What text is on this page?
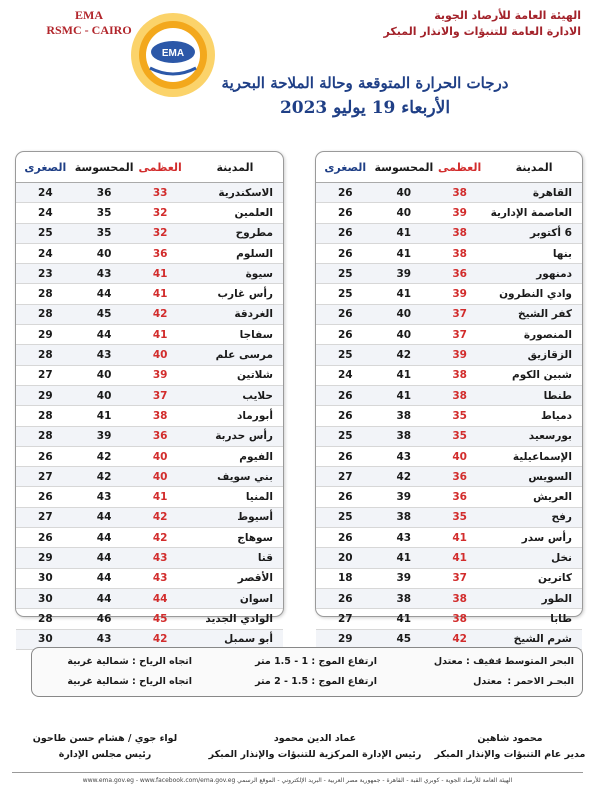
EMA
RSMC - CAIRO
EMA
الهيئة العامة للأرصاد الجوية
الادارة العامة للتنبؤات والانذار المبكر
درجات الحرارة المتوقعة وحالة الملاحة البحرية
الأربعاء 19 يوليو 2023
الصغرى المحسوسة العظمى	المدينة
24	36	33	الاسكندرية
24	35	32	العلمين
25	35	32	مطروح
24	40	36	السلوم
23	43	41	سيوة
28	44	41	رأس غارب
28	45	42	الغردقة
29	44	41	سفاجا
28	43	40	مرسى علم
27	40	39	شلاتين
29	40	37	حلايب
28	41	38	أبورماد
28	39	36	رأس حدربة
26	42	40	الفيوم
27	42	40	بني سويف
26	43	41	المنيا
27	44	42	أسيوط
26	44	42	سوهاج
29	44	43	قنا
30	44	43	الأقصر
30	44	44	اسوان
28	46	45	الوادي الجديد
30	43	42	أبو سمبل
الصغرى المحسوسة العظمى	المدينة
26	40	38	القاهرة
26	40	39	العاصمة الإدارية
26	41	38	6 أكتوبر
26	41	38	بنها
25	39	36	دمنهور
25	41	39	وادي النطرون
26	40	37	كفر الشيخ
26	40	37	المنصورة
25	42	39	الزقازيق
24	41	38	شبين الكوم
26	41	38	طنطا
26	38	35	دمياط
25	38	35	بورسعيد
26	43	40	الإسماعيلية
27	42	36	السويس
26	39	36	العريش
25	38	35	رفح
26	43	41	رأس سدر
20	41	41	نخل
18	39	37	كاترين
26	38	38	الطور
27	41	38	طابا
29	45	42	شرم الشيخ
البحر المتوسط :
خفيف : معتدل
ارتفاع الموج : 1 - 1.5 متر
اتجاه الرياح : شمالية غربية
البحـر الاحمر :
معتدل
ارتفاع الموج : 1.5 - 2 متر
اتجاه الرياح : شمالية غربية
محمود شاهين
مدير عام التنبؤات والإنذار المبكر
عماد الدين محمود
رئيس الإدارة المركزية للتنبؤات والإنذار المبكر
لواء جوي / هشام حسن طاحون
رئيس مجلس الإدارة
الهيئة العامة للأرصاد الجوية - كوبري القبة - القاهرة - جمهورية مصر العربية - البريد الإلكتروني - الموقع الرسمي www.ema.gov.eg - www.facebook.com/ema.gov.eg
